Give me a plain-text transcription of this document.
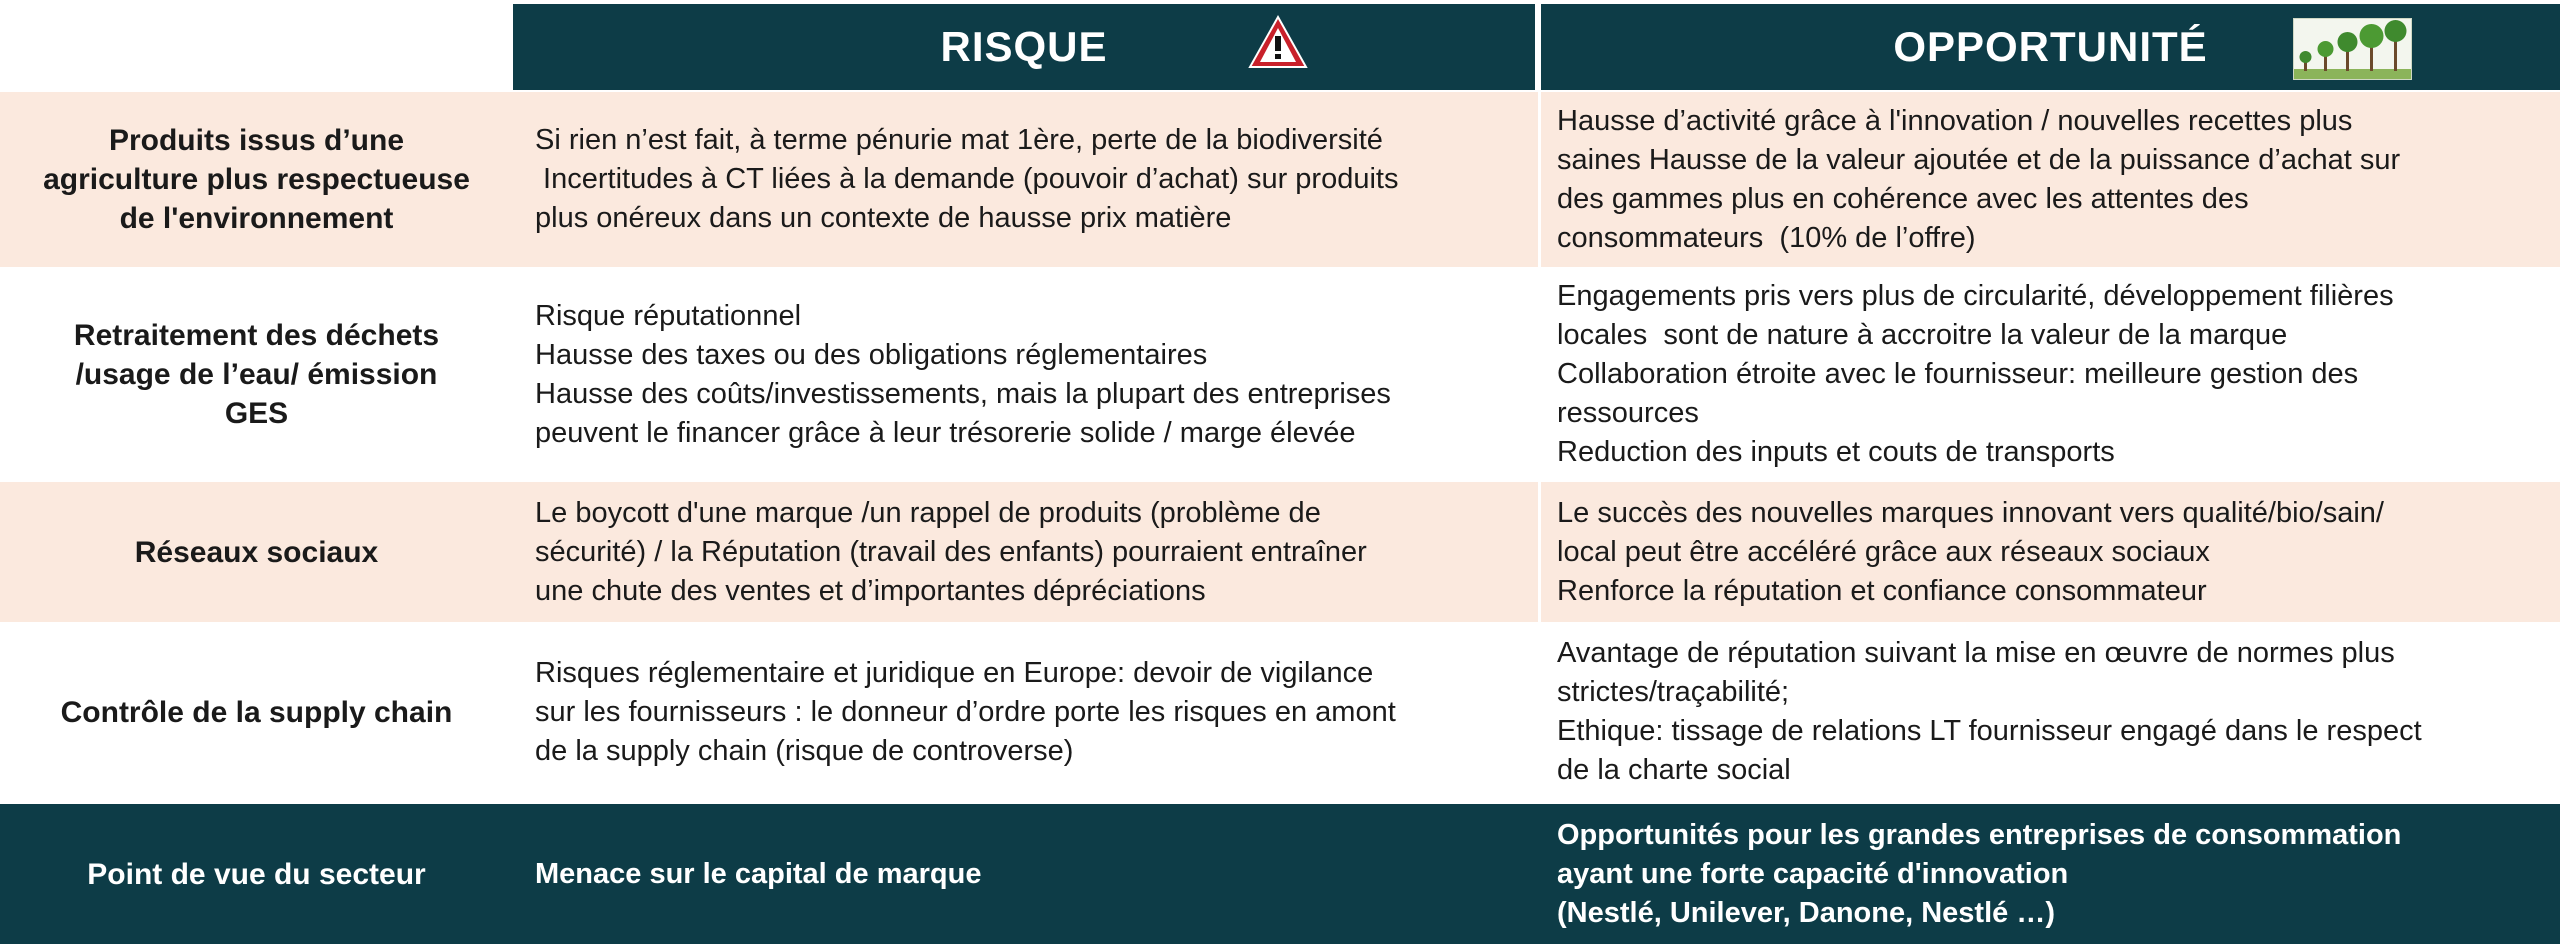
RISQUE	OPPORTUNITÉ
Produits issus d’une
agriculture plus respectueuse
de l'environnement
Si rien n’est fait, à terme pénurie mat 1ère, perte de la biodiversité
Incertitudes à CT liées à la demande (pouvoir d’achat) sur produits
plus onéreux dans un contexte de hausse prix matière
Hausse d’activité grâce à l'innovation / nouvelles recettes plus
saines Hausse de la valeur ajoutée et de la puissance d’achat sur
des gammes plus en cohérence avec les attentes des
consommateurs  (10% de l’offre)
Retraitement des déchets
/usage de l’eau/ émission
GES
Risque réputationnel
Hausse des taxes ou des obligations réglementaires
Hausse des coûts/investissements, mais la plupart des entreprises
peuvent le financer grâce à leur trésorerie solide / marge élevée
Engagements pris vers plus de circularité, développement filières
locales  sont de nature à accroitre la valeur de la marque
Collaboration étroite avec le fournisseur: meilleure gestion des
ressources
Reduction des inputs et couts de transports
Réseaux sociaux
Le boycott d'une marque /un rappel de produits (problème de
sécurité) / la Réputation (travail des enfants) pourraient entraîner
une chute des ventes et d’importantes dépréciations
Le succès des nouvelles marques innovant vers qualité/bio/sain/
local peut être accéléré grâce aux réseaux sociaux
Renforce la réputation et confiance consommateur
Contrôle de la supply chain
Risques réglementaire et juridique en Europe: devoir de vigilance
sur les fournisseurs : le donneur d’ordre porte les risques en amont
de la supply chain (risque de controverse)
Avantage de réputation suivant la mise en œuvre de normes plus
strictes/traçabilité;
Ethique: tissage de relations LT fournisseur engagé dans le respect
de la charte social
Point de vue du secteur	Menace sur le capital de marque
Opportunités pour les grandes entreprises de consommation
ayant une forte capacité d'innovation
(Nestlé, Unilever, Danone, Nestlé …)
